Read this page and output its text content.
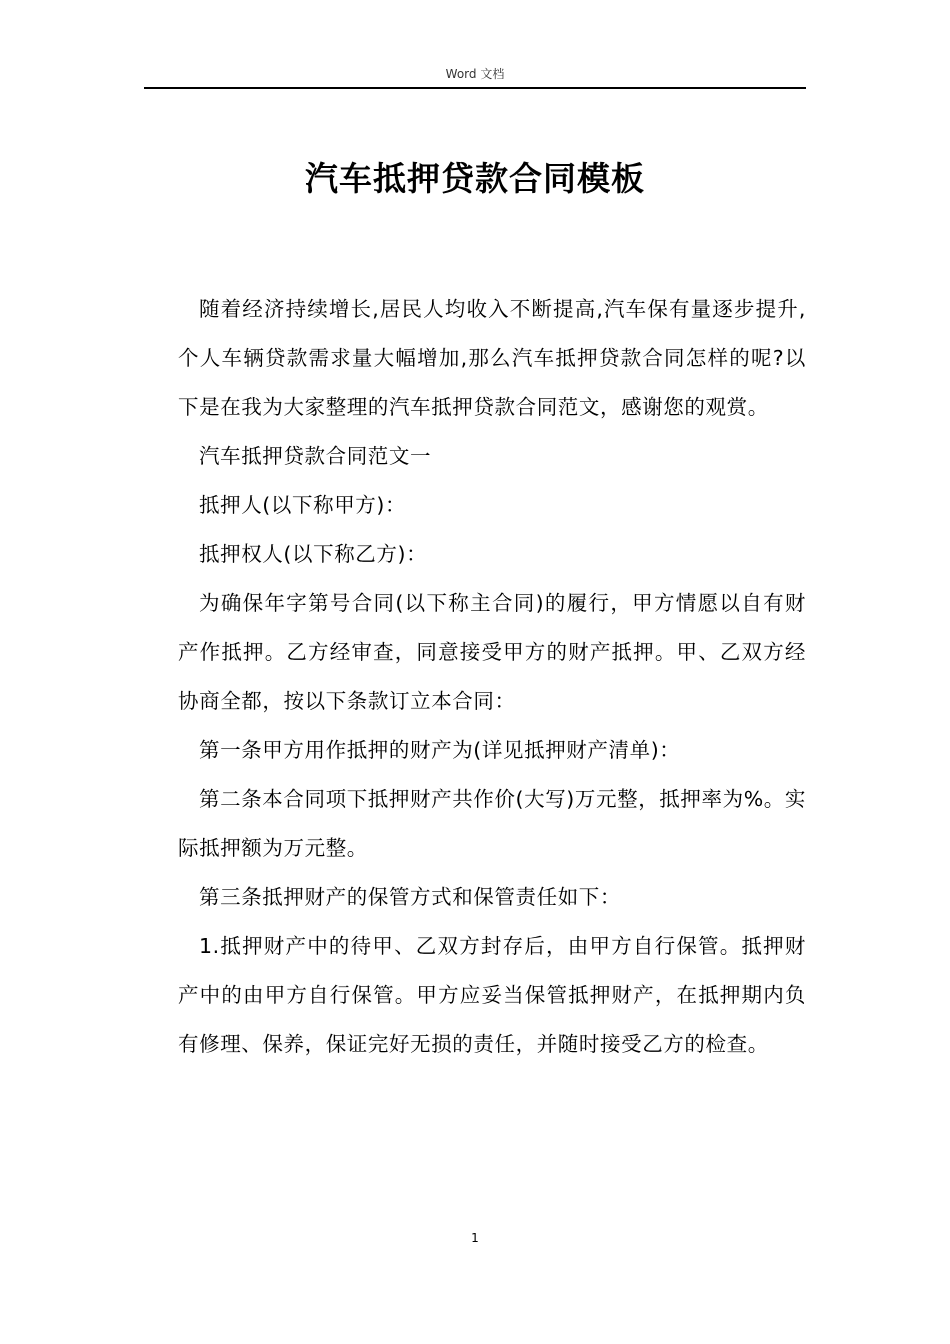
Word 文档
汽车抵押贷款合同模板

随着经济持续增长,居民人均收入不断提高,汽车保有量逐步提升,个人车辆贷款需求量大幅增加,那么汽车抵押贷款合同怎样的呢?以下是在我为大家整理的汽车抵押贷款合同范文，感谢您的观赏。

汽车抵押贷款合同范文一

抵押人(以下称甲方)：

抵押权人(以下称乙方)：

为确保年字第号合同(以下称主合同)的履行，甲方情愿以自有财产作抵押。乙方经审查，同意接受甲方的财产抵押。甲、乙双方经协商全都，按以下条款订立本合同：

第一条甲方用作抵押的财产为(详见抵押财产清单)：

第二条本合同项下抵押财产共作价(大写)万元整，抵押率为%。实际抵押额为万元整。

第三条抵押财产的保管方式和保管责任如下：

1.抵押财产中的待甲、乙双方封存后，由甲方自行保管。抵押财产中的由甲方自行保管。甲方应妥当保管抵押财产，在抵押期内负有修理、保养，保证完好无损的责任，并随时接受乙方的检查。

1
